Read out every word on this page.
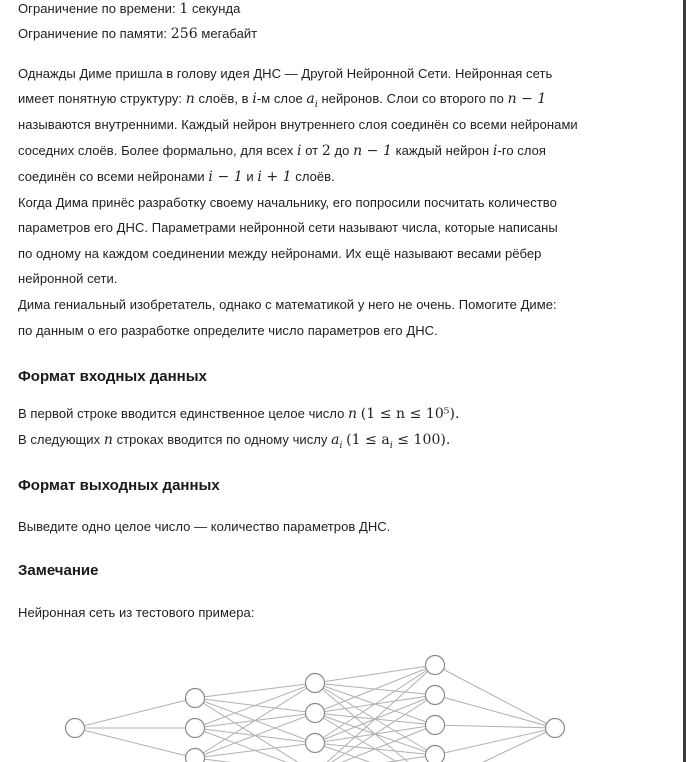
Ограничение по времени: 1 секунда
Ограничение по памяти: 256 мегабайт
Однажды Диме пришла в голову идея ДНС — Другой Нейронной Сети. Нейронная сеть
имеет понятную структуру: n слоёв, в i-м слое $a_i$ нейронов. Слои со второго по n − 1
называются внутренними. Каждый нейрон внутреннего слоя соединён со всеми нейронами
соседних слоёв. Более формально, для всех i от 2 до n − 1 каждый нейрон i-го слоя
соединён со всеми нейронами i − 1 и i + 1 слоёв.
Когда Дима принёс разработку своему начальнику, его попросили посчитать количество
параметров его ДНС. Параметрами нейронной сети называют числа, которые написаны
по одному на каждом соединении между нейронами. Их ещё называют весами рёбер
нейронной сети.
Дима гениальный изобретатель, однако с математикой у него не очень. Помогите Диме:
по данным о его разработке определите число параметров его ДНС.
Формат входных данных
В первой строке вводится единственное целое число n (1 ≤ n ≤ 10⁵).
В следующих n строках вводится по одному числу $a_i$ $(1 \le a_i \le 100)$.
Формат выходных данных
Выведите одно целое число — количество параметров ДНС.
Замечание
Нейронная сеть из тестового примера:
